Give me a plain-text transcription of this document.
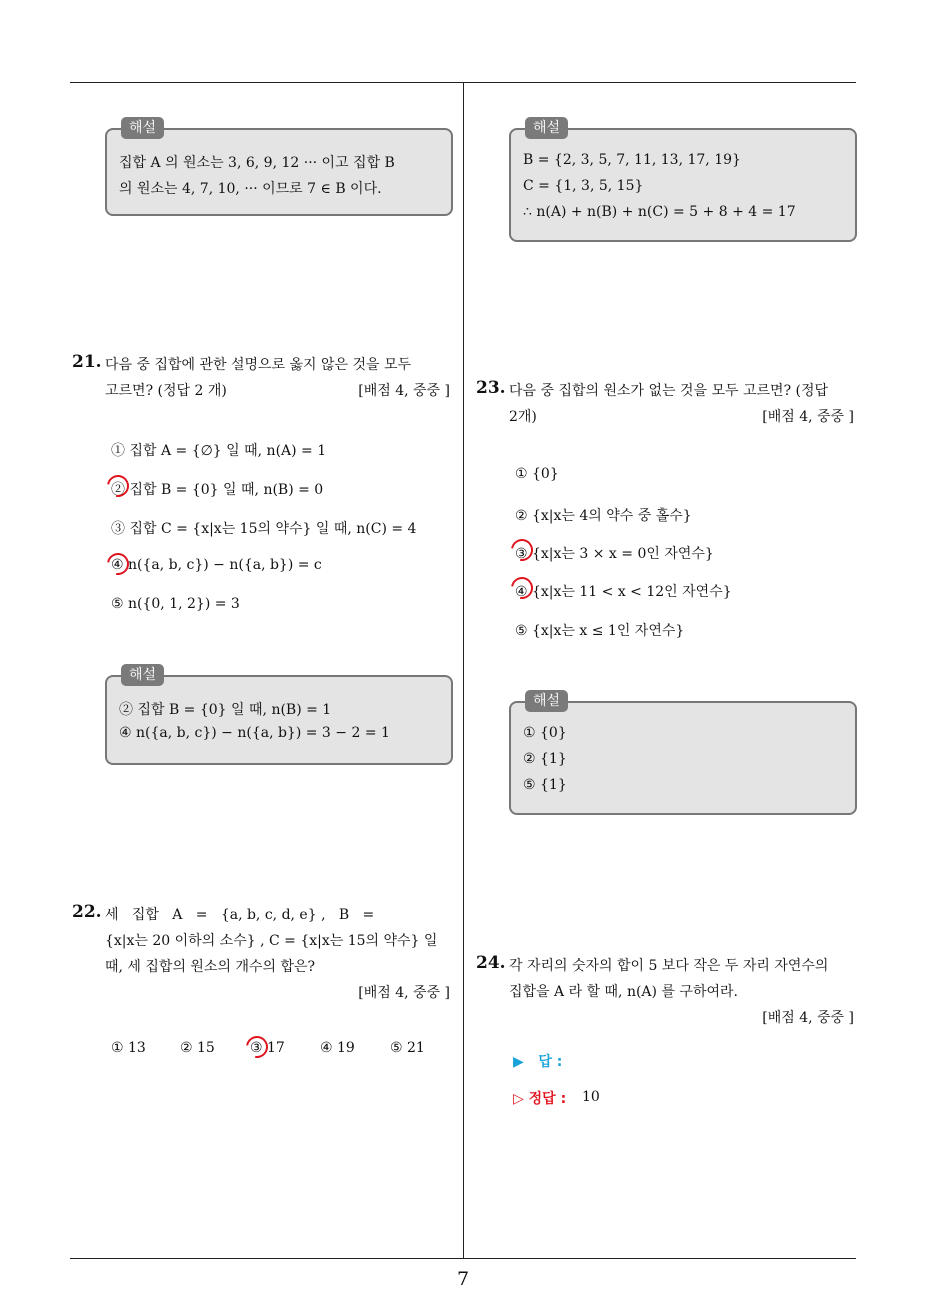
7
해설
집합 A 의 원소는 3, 6, 9, 12 ··· 이고 집합 B
의 원소는 4, 7, 10, ··· 이므로 7 ∈ B 이다.
21. 다음 중 집합에 관한 설명으로 옳지 않은 것을 모두
고르면? (정답 2 개)	[배점 4, 중중 ]
① 집합 A = {∅} 일 때, n(A) = 1
② 집합 B = {0} 일 때, n(B) = 0
③ 집합 C = {x|x는 15의 약수} 일 때, n(C) = 4
④ n({a, b, c}) − n({a, b}) = c
⑤ n({0, 1, 2}) = 3
해설
② 집합 B = {0} 일 때, n(B) = 1
④ n({a, b, c}) − n({a, b}) = 3 − 2 = 1
22. 세   집합   A   =   {a, b, c, d, e} ,   B   =
{x|x는 20 이하의 소수} , C = {x|x는 15의 약수} 일
때, 세 집합의 원소의 개수의 합은?
[배점 4, 중중 ]
① 13 ② 15	③ 17	④ 19	⑤ 21
해설
B = {2, 3, 5, 7, 11, 13, 17, 19}
C = {1, 3, 5, 15}
∴ n(A) + n(B) + n(C) = 5 + 8 + 4 = 17
23. 다음 중 집합의 원소가 없는 것을 모두 고르면? (정답
2개)	[배점 4, 중중 ]
① {0}
② {x|x는 4의 약수 중 홀수}
③ {x|x는 3 × x = 0인 자연수}
④ {x|x는 11 < x < 12인 자연수}
⑤ {x|x는 x ≤ 1인 자연수}
해설
① {0}
② {1}
⑤ {1}
24. 각 자리의 숫자의 합이 5 보다 작은 두 자리 자연수의
집합을 A 라 할 때, n(A) 를 구하여라.
[배점 4, 중중 ]
▶   답 :
▷ 정답 : 10
